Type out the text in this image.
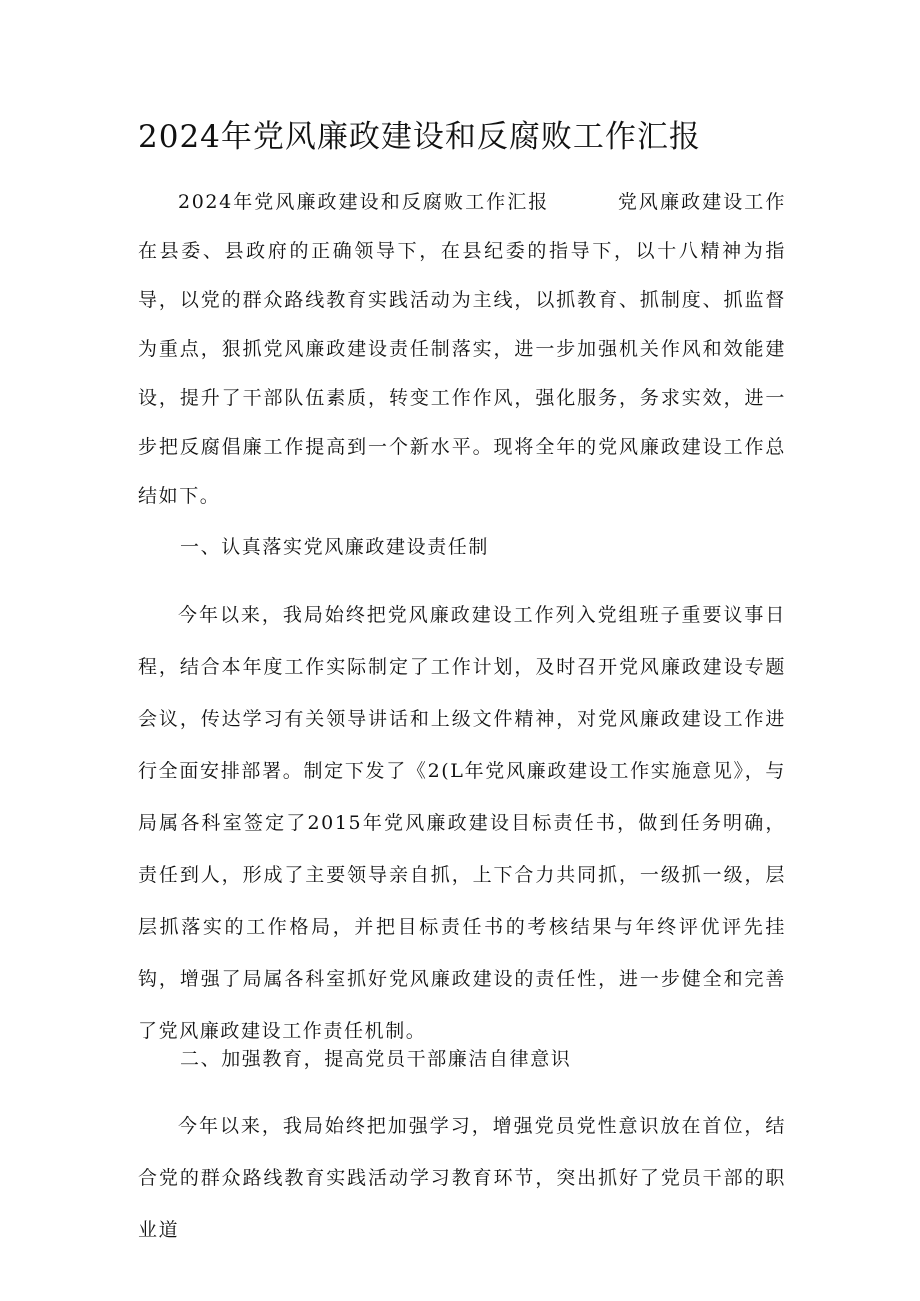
2024年党风廉政建设和反腐败工作汇报

2024年党风廉政建设和反腐败工作汇报	党风廉政建设工作在县委、县政府的正确领导下，在县纪委的指导下，以十八精神为指导，以党的群众路线教育实践活动为主线，以抓教育、抓制度、抓监督为重点，狠抓党风廉政建设责任制落实，进一步加强机关作风和效能建设，提升了干部队伍素质，转变工作作风，强化服务，务求实效，进一步把反腐倡廉工作提高到一个新水平。现将全年的党风廉政建设工作总结如下。

一、认真落实党风廉政建设责任制

今年以来，我局始终把党风廉政建设工作列入党组班子重要议事日程，结合本年度工作实际制定了工作计划，及时召开党风廉政建设专题会议，传达学习有关领导讲话和上级文件精神，对党风廉政建设工作进行全面安排部署。制定下发了《2(L年党风廉政建设工作实施意见》，与局属各科室签定了2015年党风廉政建设目标责任书，做到任务明确，责任到人，形成了主要领导亲自抓，上下合力共同抓，一级抓一级，层层抓落实的工作格局，并把目标责任书的考核结果与年终评优评先挂钩，增强了局属各科室抓好党风廉政建设的责任性，进一步健全和完善了党风廉政建设工作责任机制。

二、加强教育，提高党员干部廉洁自律意识

今年以来，我局始终把加强学习，增强党员党性意识放在首位，结合党的群众路线教育实践活动学习教育环节，突出抓好了党员干部的职业道
